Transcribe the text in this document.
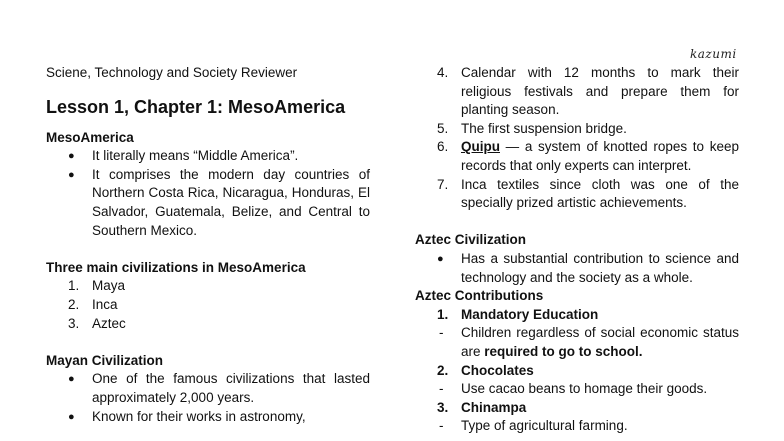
kazumi
Sciene, Technology and Society Reviewer
Lesson 1, Chapter 1: MesoAmerica
MesoAmerica
● It literally means “Middle America”.
● It comprises the modern day countries of Northern Costa Rica, Nicaragua, Honduras, El Salvador, Guatemala, Belize, and Central to Southern Mexico.
Three main civilizations in MesoAmerica
1. Maya
2. Inca
3. Aztec
Mayan Civilization
● One of the famous civilizations that lasted approximately 2,000 years.
● Known for their works in astronomy,
4. Calendar with 12 months to mark their religious festivals and prepare them for planting season.
5. The first suspension bridge.
6. Quipu — a system of knotted ropes to keep records that only experts can interpret.
7. Inca textiles since cloth was one of the specially prized artistic achievements.
Aztec Civilization
● Has a substantial contribution to science and technology and the society as a whole.
Aztec Contributions
1. Mandatory Education
- Children regardless of social economic status are required to go to school.
2. Chocolates
- Use cacao beans to homage their goods.
3. Chinampa
- Type of agricultural farming.
